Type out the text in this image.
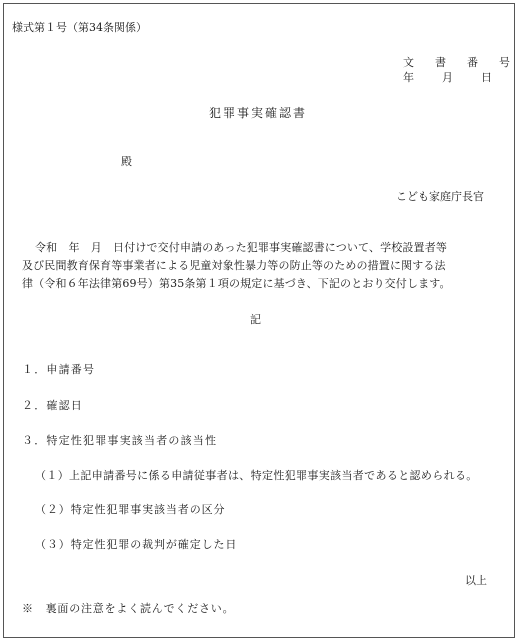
様式第１号（第34条関係）
文　書　番　号
年　　月　　日
犯罪事実確認書
殿
こども家庭庁長官
令和　年　月　日付けで交付申請のあった犯罪事実確認書について、学校設置者等
及び民間教育保育等事業者による児童対象性暴力等の防止等のための措置に関する法
律（令和６年法律第69号）第35条第１項の規定に基づき、下記のとおり交付します。
記
１．申請番号
２．確認日
３．特定性犯罪事実該当者の該当性
（１）上記申請番号に係る申請従事者は、特定性犯罪事実該当者であると認められる。
（２）特定性犯罪事実該当者の区分
（３）特定性犯罪の裁判が確定した日
以上
※　裏面の注意をよく読んでください。
